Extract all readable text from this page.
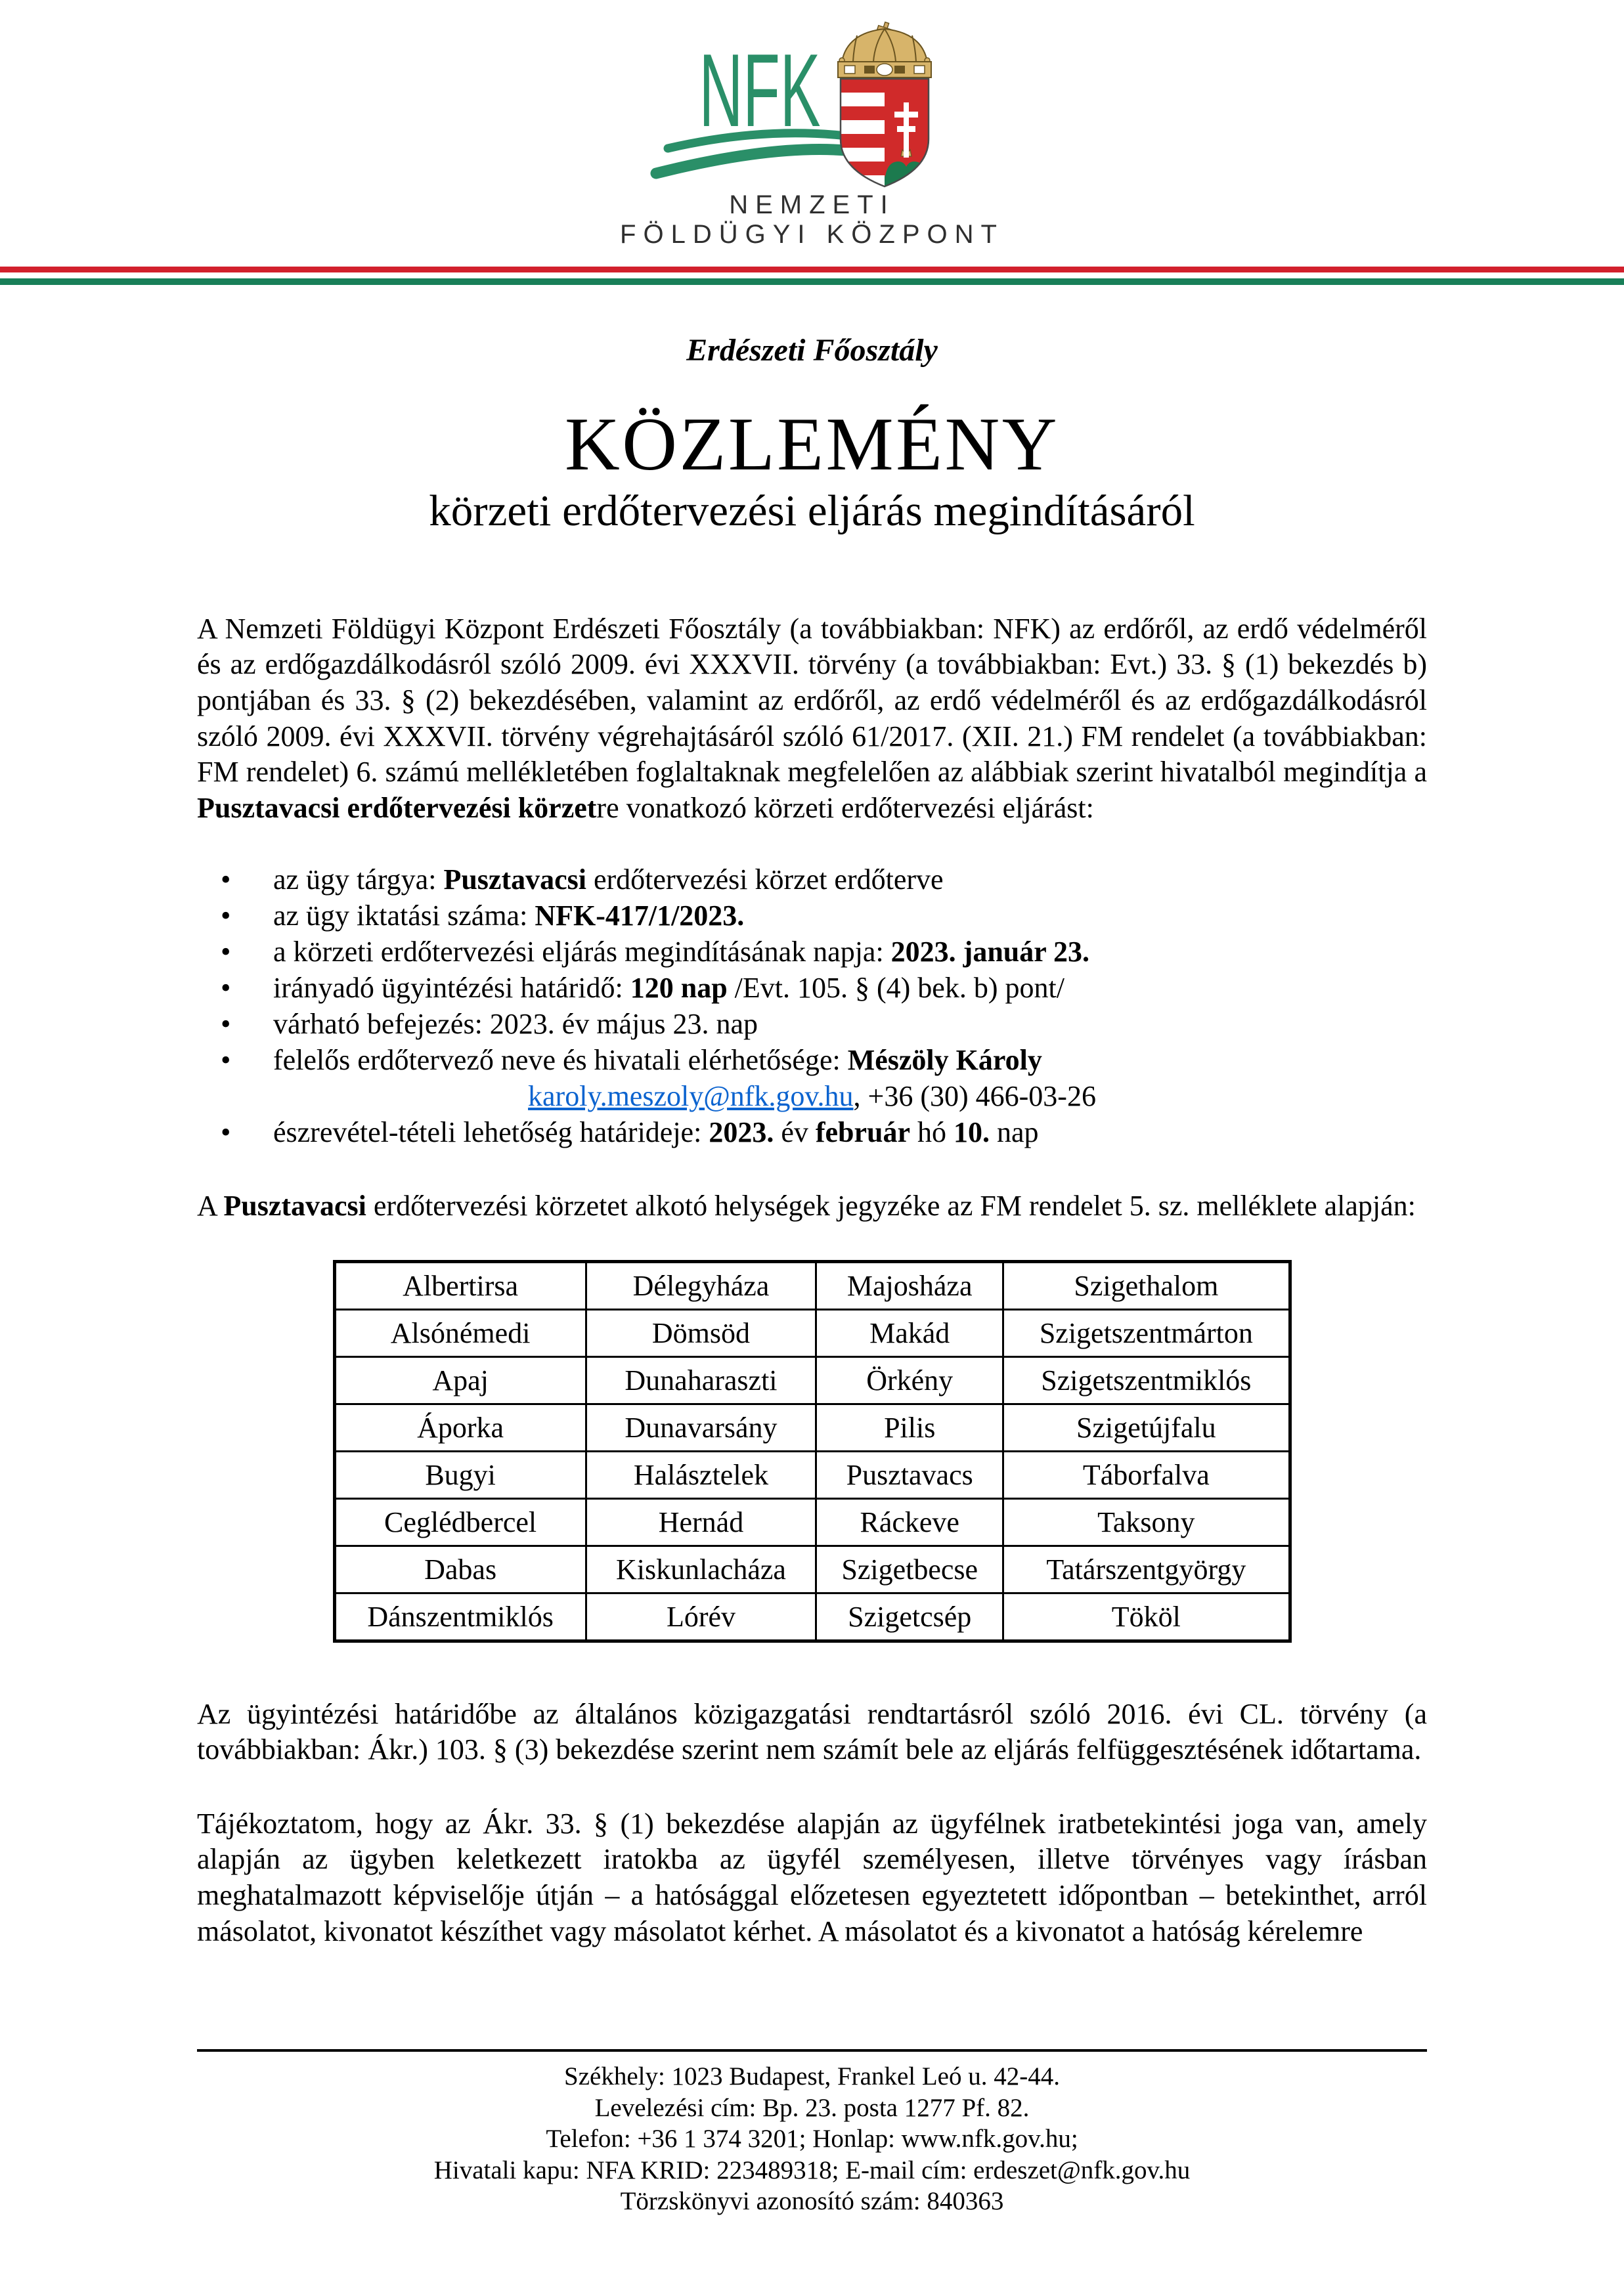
NFK
NEMZETI
FÖLDÜGYI KÖZPONT
Erdészeti Főosztály
KÖZLEMÉNY
körzeti erdőtervezési eljárás megindításáról

A Nemzeti Földügyi Központ Erdészeti Főosztály (a továbbiakban: NFK) az erdőről, az erdő védelméről és az erdőgazdálkodásról szóló 2009. évi XXXVII. törvény (a továbbiakban: Evt.) 33. § (1) bekezdés b) pontjában és 33. § (2) bekezdésében, valamint az erdőről, az erdő védelméről és az erdőgazdálkodásról szóló 2009. évi XXXVII. törvény végrehajtásáról szóló 61/2017. (XII. 21.) FM rendelet (a továbbiakban: FM rendelet) 6. számú mellékletében foglaltaknak megfelelően az alábbiak szerint hivatalból megindítja a Pusztavacsi erdőtervezési körzetre vonatkozó körzeti erdőtervezési eljárást:

•
az ügy tárgya: Pusztavacsi erdőtervezési körzet erdőterve
•
az ügy iktatási száma: NFK-417/1/2023.
•
a körzeti erdőtervezési eljárás megindításának napja: 2023. január 23.
•
irányadó ügyintézési határidő: 120 nap /Evt. 105. § (4) bek. b) pont/
•
várható befejezés: 2023. év május 23. nap
•
felelős erdőtervező neve és hivatali elérhetősége: Mészöly Károly
karoly.meszoly@nfk.gov.hu, +36 (30) 466-03-26
•
észrevétel-tételi lehetőség határideje: 2023. év február hó 10. nap

A Pusztavacsi erdőtervezési körzetet alkotó helységek jegyzéke az FM rendelet 5. sz. melléklete alapján:

Albertirsa	Délegyháza	Majosháza	Szigethalom
Alsónémedi	Dömsöd	Makád	Szigetszentmárton
Apaj	Dunaharaszti	Örkény	Szigetszentmiklós
Áporka	Dunavarsány	Pilis	Szigetújfalu
Bugyi	Halásztelek	Pusztavacs	Táborfalva
Ceglédbercel	Hernád	Ráckeve	Taksony
Dabas	Kiskunlacháza	Szigetbecse	Tatárszentgyörgy
Dánszentmiklós	Lórév	Szigetcsép	Tököl

Az ügyintézési határidőbe az általános közigazgatási rendtartásról szóló 2016. évi CL. törvény (a továbbiakban: Ákr.) 103. § (3) bekezdése szerint nem számít bele az eljárás felfüggesztésének időtartama.

Tájékoztatom, hogy az Ákr. 33. § (1) bekezdése alapján az ügyfélnek iratbetekintési joga van, amely alapján az ügyben keletkezett iratokba az ügyfél személyesen, illetve törvényes vagy írásban meghatalmazott képviselője útján – a hatósággal előzetesen egyeztetett időpontban – betekinthet, arról másolatot, kivonatot készíthet vagy másolatot kérhet. A másolatot és a kivonatot a hatóság kérelemre

Székhely: 1023 Budapest, Frankel Leó u. 42-44.
Levelezési cím: Bp. 23. posta 1277 Pf. 82.
Telefon: +36 1 374 3201; Honlap: www.nfk.gov.hu;
Hivatali kapu: NFA KRID: 223489318; E-mail cím: erdeszet@nfk.gov.hu
Törzskönyvi azonosító szám: 840363
